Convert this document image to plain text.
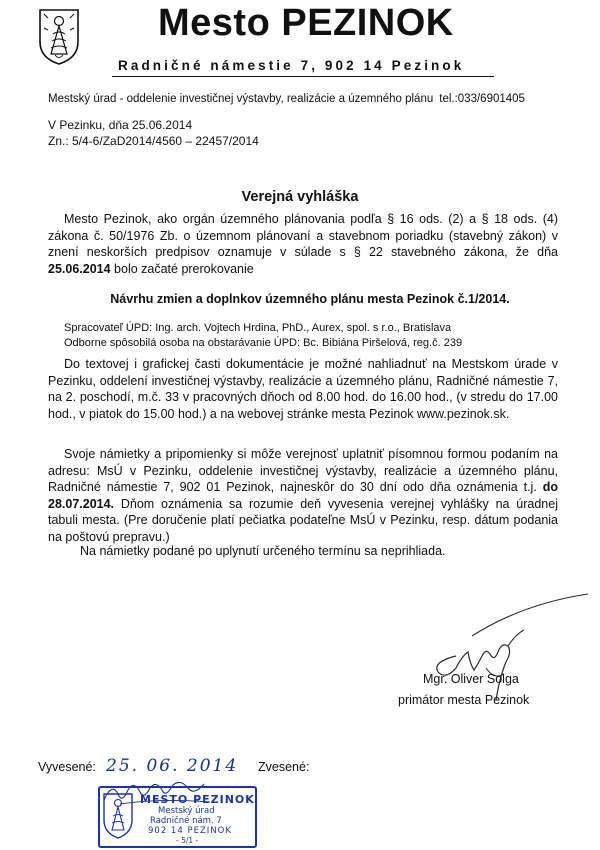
Mesto PEZINOK
Radničné námestie 7, 902 14 Pezinok
Mestský úrad - oddelenie investičnej výstavby, realizácie a územného plánu tel.:033/6901405
V Pezinku, dňa 25.06.2014
Zn.: 5/4-6/ZaD2014/4560 – 22457/2014
Verejná vyhláška
Mesto Pezinok, ako orgán územného plánovania podľa § 16 ods. (2) a § 18 ods. (4) zákona č. 50/1976 Zb. o územnom plánovaní a stavebnom poriadku (stavebný zákon) v znení neskorších predpisov oznamuje v súlade s § 22 stavebného zákona, že dňa 25.06.2014 bolo začaté prerokovanie
Návrhu zmien a doplnkov územného plánu mesta Pezinok č.1/2014.
Spracovateľ ÚPD: Ing. arch. Vojtech Hrdina, PhD., Aurex, spol. s r.o., Bratislava
Odborne spôsobilá osoba na obstarávanie ÚPD: Bc. Bibiána Piršelová, reg.č. 239
Do textovej i grafickej časti dokumentácie je možné nahliadnuť na Mestskom úrade v Pezinku, oddelení investičnej výstavby, realizácie a územného plánu, Radničné námestie 7, na 2. poschodí, m.č. 33 v pracovných dňoch od 8.00 hod. do 16.00 hod., (v stredu do 17.00 hod., v piatok do 15.00 hod.) a na webovej stránke mesta Pezinok www.pezinok.sk.
Svoje námietky a pripomienky si môže verejnosť uplatniť písomnou formou podaním na adresu: MsÚ v Pezinku, oddelenie investičnej výstavby, realizácie a územného plánu, Radničné námestie 7, 902 01 Pezinok, najneskôr do 30 dní odo dňa oznámenia t.j. do 28.07.2014. Dňom oznámenia sa rozumie deň vyvesenia verejnej vyhlášky na úradnej tabuli mesta. (Pre doručenie platí pečiatka podateľne MsÚ v Pezinku, resp. dátum podania na poštovú prepravu.)
Na námietky podané po uplynutí určeného termínu sa neprihliada.
Mgr. Oliver Solga
primátor mesta Pezinok
Vyvesené: 25. 06. 2014 Zvesené:
MESTO PEZINOK
Mestský úrad
Radničné nám. 7
902 14 PEZINOK
- 5/1 -
